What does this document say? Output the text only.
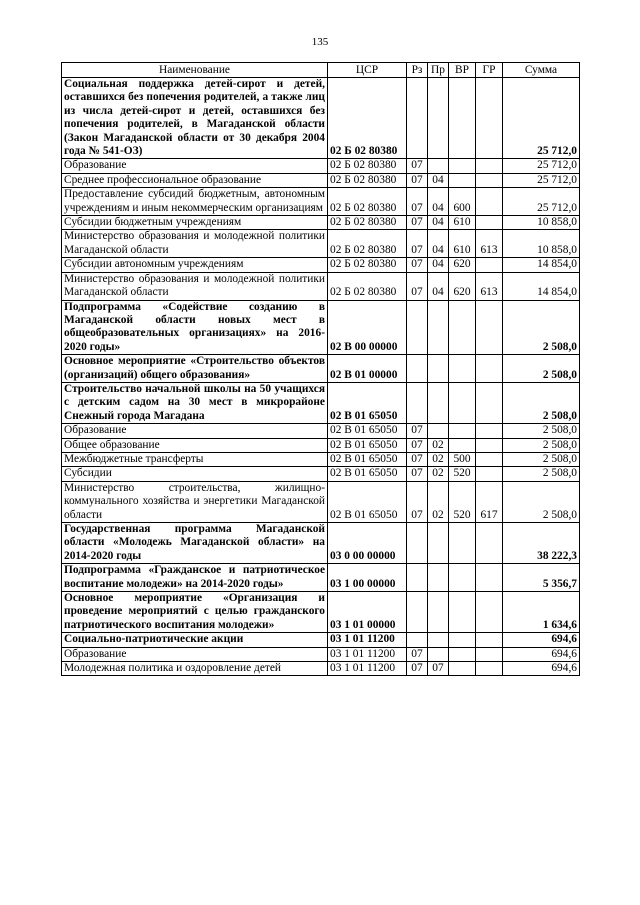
135
Наименование	ЦСР	Рз	Пр	ВР	ГР	Сумма
Социальная поддержка детей-сирот и детей, оставшихся без попечения родителей, а также лиц из числа детей-сирот и детей, оставшихся без попечения родителей, в Магаданской области (Закон Магаданской области от 30 декабря 2004 года № 541-ОЗ)	02 Б 02 80380					25 712,0
Образование	02 Б 02 80380	07				25 712,0
Среднее профессиональное образование	02 Б 02 80380	07	04			25 712,0
Предоставление субсидий бюджетным, автономным учреждениям и иным некоммерческим организациям	02 Б 02 80380	07	04	600		25 712,0
Субсидии бюджетным учреждениям	02 Б 02 80380	07	04	610		10 858,0
Министерство образования и молодежной политики Магаданской области	02 Б 02 80380	07	04	610	613	10 858,0
Субсидии автономным учреждениям	02 Б 02 80380	07	04	620		14 854,0
Министерство образования и молодежной политики Магаданской области	02 Б 02 80380	07	04	620	613	14 854,0
Подпрограмма «Содействие созданию в Магаданской области новых мест в общеобразовательных организациях» на 2016-2020 годы»	02 В 00 00000					2 508,0
Основное мероприятие «Строительство объектов (организаций) общего образования»	02 В 01 00000					2 508,0
Строительство начальной школы на 50 учащихся с детским садом на 30 мест в микрорайоне Снежный города Магадана	02 В 01 65050					2 508,0
Образование	02 В 01 65050	07				2 508,0
Общее образование	02 В 01 65050	07	02			2 508,0
Межбюджетные трансферты	02 В 01 65050	07	02	500		2 508,0
Субсидии	02 В 01 65050	07	02	520		2 508,0
Министерство строительства, жилищно-коммунального хозяйства и энергетики Магаданской области	02 В 01 65050	07	02	520	617	2 508,0
Государственная программа Магаданской области «Молодежь Магаданской области» на 2014-2020 годы	03 0 00 00000					38 222,3
Подпрограмма «Гражданское и патриотическое воспитание молодежи» на 2014-2020 годы»	03 1 00 00000					5 356,7
Основное мероприятие «Организация и проведение мероприятий с целью гражданского патриотического воспитания молодежи»	03 1 01 00000					1 634,6
Социально-патриотические акции	03 1 01 11200					694,6
Образование	03 1 01 11200	07				694,6
Молодежная политика и оздоровление детей	03 1 01 11200	07	07			694,6
